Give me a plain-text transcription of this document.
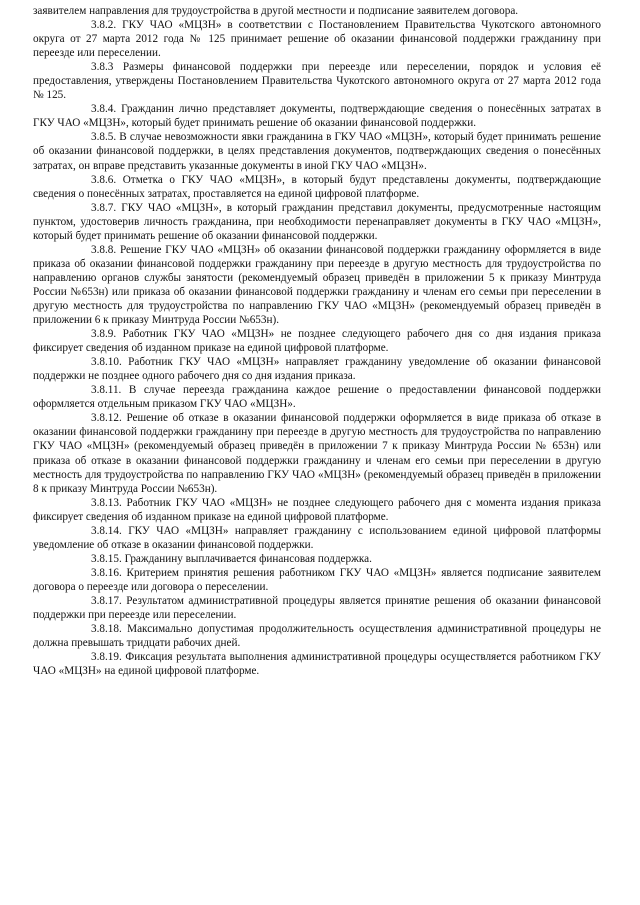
заявителем направления для трудоустройства в другой местности и подписание заявителем договора.

3.8.2. ГКУ ЧАО «МЦЗН» в соответствии с Постановлением Правительства Чукотского автономного округа от 27 марта 2012 года № 125 принимает решение об оказании финансовой поддержки гражданину при переезде или переселении.

3.8.3 Размеры финансовой поддержки при переезде или переселении, порядок и условия её предоставления, утверждены Постановлением Правительства Чукотского автономного округа от 27 марта 2012 года № 125.

3.8.4. Гражданин лично представляет документы, подтверждающие сведения о понесённых затратах в ГКУ ЧАО «МЦЗН», который будет принимать решение об оказании финансовой поддержки.

3.8.5. В случае невозможности явки гражданина в ГКУ ЧАО «МЦЗН», который будет принимать решение об оказании финансовой поддержки, в целях представления документов, подтверждающих сведения о понесённых затратах, он вправе представить указанные документы в иной ГКУ ЧАО «МЦЗН».

3.8.6. Отметка о ГКУ ЧАО «МЦЗН», в который будут представлены документы, подтверждающие сведения о понесённых затратах, проставляется на единой цифровой платформе.

3.8.7. ГКУ ЧАО «МЦЗН», в который гражданин представил документы, предусмотренные настоящим пунктом, удостоверив личность гражданина, при необходимости перенаправляет документы в ГКУ ЧАО «МЦЗН», который будет принимать решение об оказании финансовой поддержки.

3.8.8. Решение ГКУ ЧАО «МЦЗН» об оказании финансовой поддержки гражданину оформляется в виде приказа об оказании финансовой поддержки гражданину при переезде в другую местность для трудоустройства по направлению органов службы занятости (рекомендуемый образец приведён в приложении 5 к приказу Минтруда России №653н) или приказа об оказании финансовой поддержки гражданину и членам его семьи при переселении в другую местность для трудоустройства по направлению ГКУ ЧАО «МЦЗН» (рекомендуемый образец приведён в приложении 6 к приказу Минтруда России №653н).

3.8.9. Работник ГКУ ЧАО «МЦЗН» не позднее следующего рабочего дня со дня издания приказа фиксирует сведения об изданном приказе на единой цифровой платформе.

3.8.10. Работник ГКУ ЧАО «МЦЗН» направляет гражданину уведомление об оказании финансовой поддержки не позднее одного рабочего дня со дня издания приказа.

3.8.11. В случае переезда гражданина каждое решение о предоставлении финансовой поддержки оформляется отдельным приказом ГКУ ЧАО «МЦЗН».

3.8.12. Решение об отказе в оказании финансовой поддержки оформляется в виде приказа об отказе в оказании финансовой поддержки гражданину при переезде в другую местность для трудоустройства по направлению ГКУ ЧАО «МЦЗН» (рекомендуемый образец приведён в приложении 7 к приказу Минтруда России № 653н) или приказа об отказе в оказании финансовой поддержки гражданину и членам его семьи при переселении в другую местность для трудоустройства по направлению ГКУ ЧАО «МЦЗН» (рекомендуемый образец приведён в приложении 8 к приказу Минтруда России №653н).

3.8.13. Работник ГКУ ЧАО «МЦЗН» не позднее следующего рабочего дня с момента издания приказа фиксирует сведения об изданном приказе на единой цифровой платформе.

3.8.14. ГКУ ЧАО «МЦЗН» направляет гражданину с использованием единой цифровой платформы уведомление об отказе в оказании финансовой поддержки.

3.8.15. Гражданину выплачивается финансовая поддержка.

3.8.16. Критерием принятия решения работником ГКУ ЧАО «МЦЗН» является подписание заявителем договора о переезде или договора о переселении.

3.8.17. Результатом административной процедуры является принятие решения об оказании финансовой поддержки при переезде или переселении.

3.8.18. Максимально допустимая продолжительность осуществления административной процедуры не должна превышать тридцати рабочих дней.

3.8.19. Фиксация результата выполнения административной процедуры осуществляется работником ГКУ ЧАО «МЦЗН» на единой цифровой платформе.
